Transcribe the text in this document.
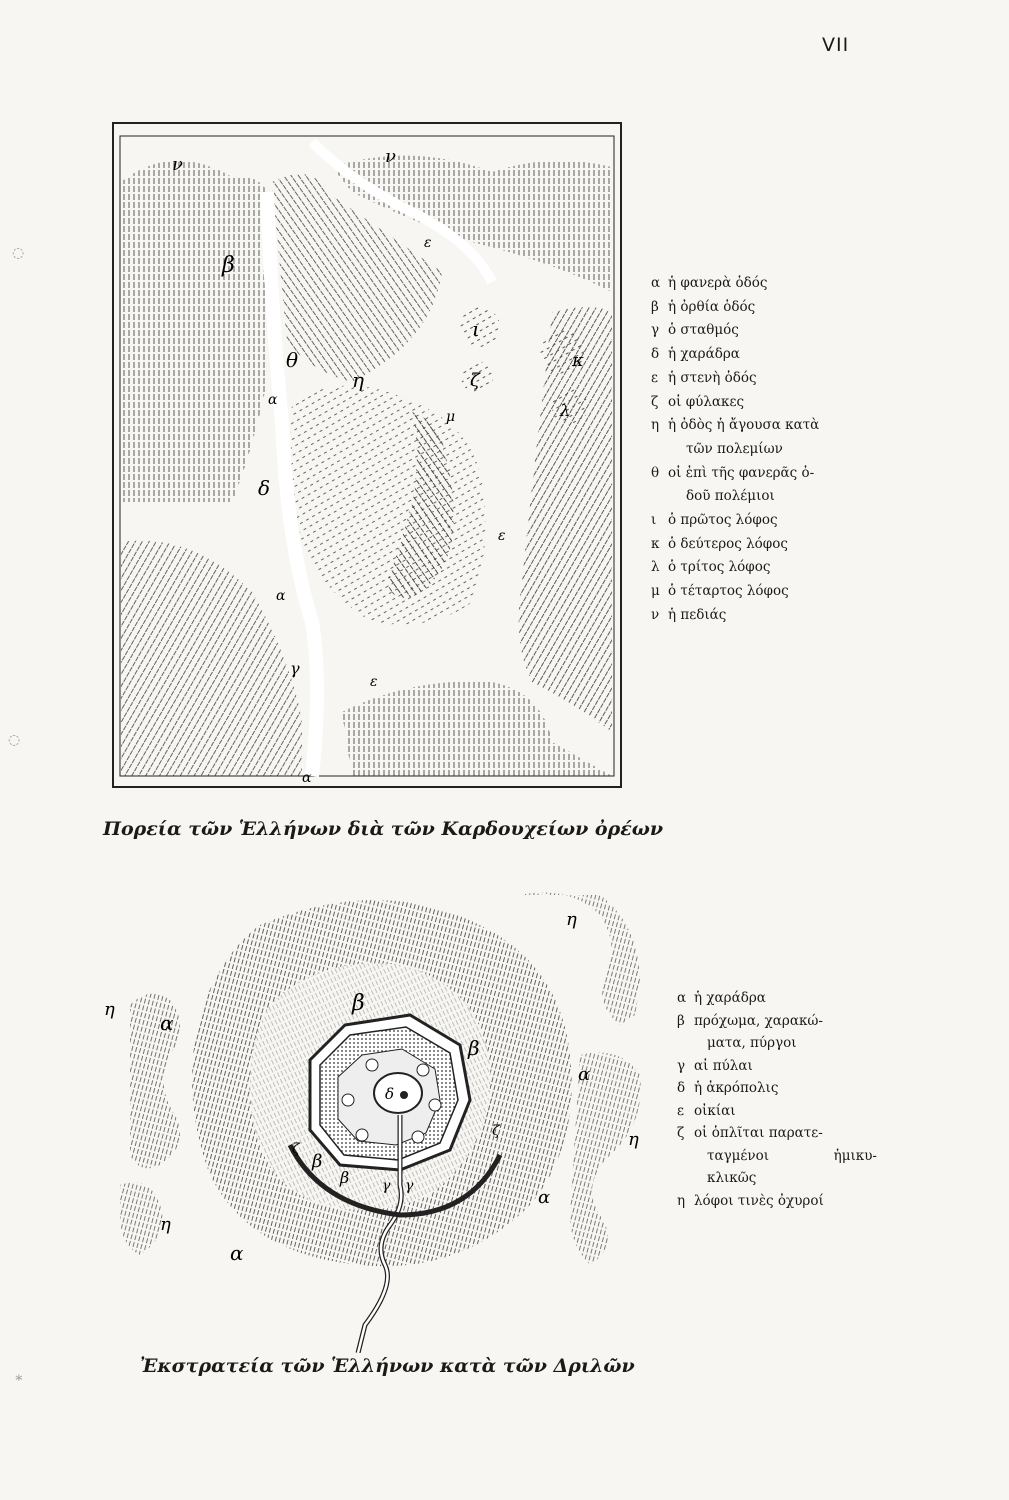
VII
◌
◌
∗
ν	ν
ε
β
θ
η
α
δ
α
γ
ε
α
ι
ζ
κ
λ
μ
ε
α ἡ φανερὰ ὁδός
β ἡ ὀρθία ὁδός
γ ὁ σταθμός
δ ἡ χαράδρα
ε ἡ στενὴ ὁδός
ζ οἱ φύλακες
η ἡ ὁδὸς ἡ ἄγουσα κατὰ
τῶν πολεμίων
θ οἱ ἐπὶ τῆς φανερᾶς ὁ-
δοῦ πολέμιοι
ι ὁ πρῶτος λόφος
κ ὁ δεύτερος λόφος
λ ὁ τρίτος λόφος
μ ὁ τέταρτος λόφος
ν ἡ πεδιάς
Πορεία τῶν Ἑλλήνων διὰ τῶν Καρδουχείων ὀρέων
η
η
η
η
α
α
α
α
β
β
β
β
δ
γ γ
ζ
ζ
α ἡ χαράδρα
β πρόχωμα, χαρακώ-
ματα, πύργοι
γ αἱ πύλαι
δ ἡ ἀκρόπολις
ε οἰκίαι
ζ οἱ ὁπλῖται παρατε-
ταγμένοι	ἡμικυ-
κλικῶς
η λόφοι τινὲς ὀχυροί
Ἐκστρατεία τῶν Ἑλλήνων κατὰ τῶν Δριλῶν
